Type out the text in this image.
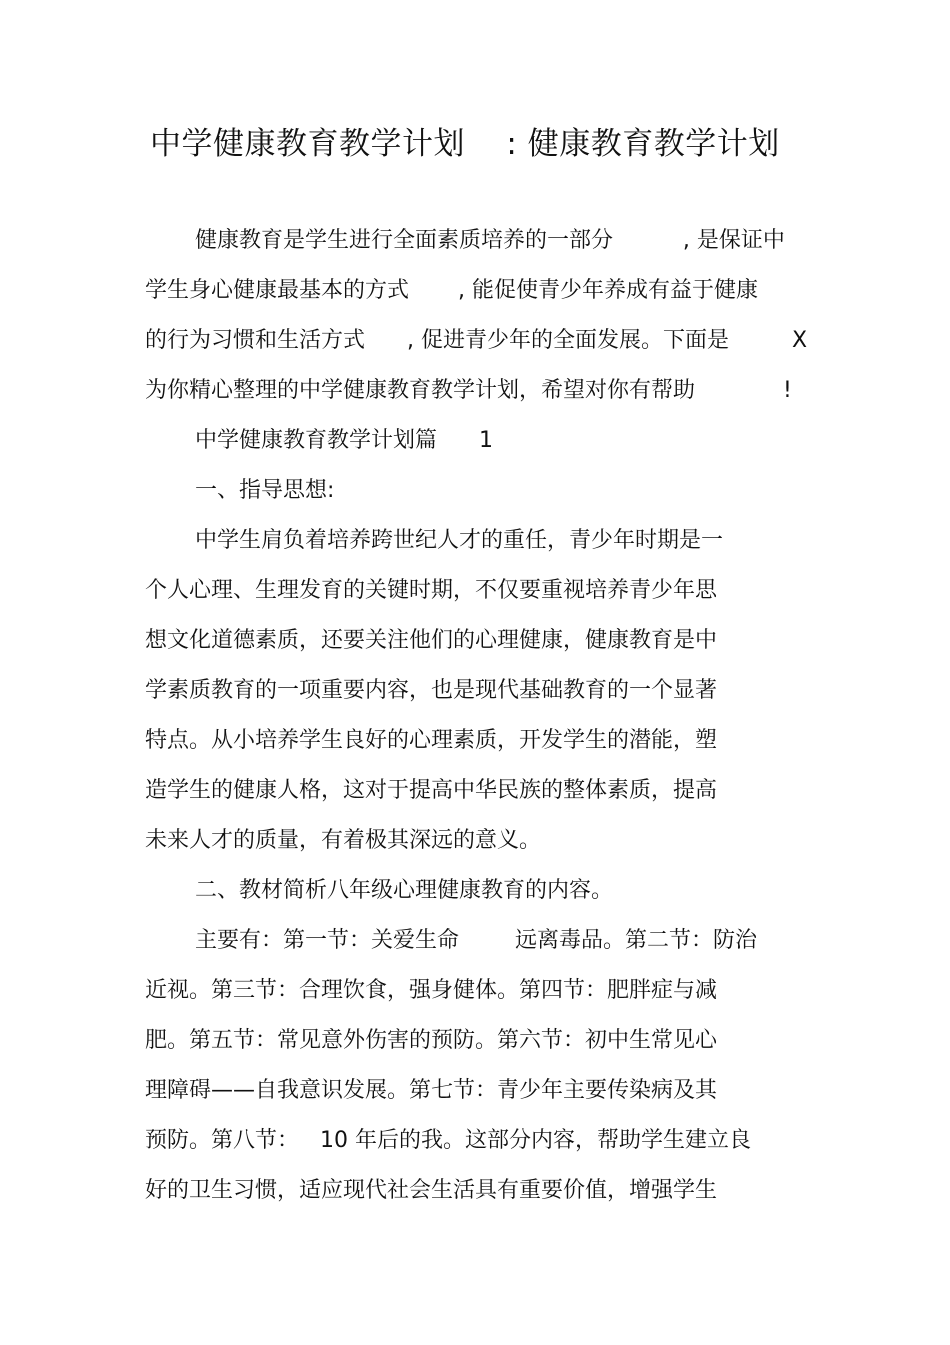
中学健康教育教学计划    : 健康教育教学计划
健康教育是学生进行全面素质培养的一部分          , 是保证中
学生身心健康最基本的方式       , 能促使青少年养成有益于健康
的行为习惯和生活方式      , 促进青少年的全面发展。下面是	X
为你精心整理的中学健康教育教学计划，希望对你有帮助	!
中学健康教育教学计划篇      1
一、指导思想:
中学生肩负着培养跨世纪人才的重任，青少年时期是一
个人心理、生理发育的关键时期，不仅要重视培养青少年思
想文化道德素质，还要关注他们的心理健康，健康教育是中
学素质教育的一项重要内容，也是现代基础教育的一个显著
特点。从小培养学生良好的心理素质，开发学生的潜能，塑
造学生的健康人格，这对于提高中华民族的整体素质，提高
未来人才的质量，有着极其深远的意义。
二、教材简析八年级心理健康教育的内容。
主要有：第一节：关爱生命        远离毒品。第二节：防治
近视。第三节：合理饮食，强身健体。第四节：肥胖症与减
肥。第五节：常见意外伤害的预防。第六节：初中生常见心
理障碍——自我意识发展。第七节：青少年主要传染病及其
预防。第八节：   10 年后的我。这部分内容，帮助学生建立良
好的卫生习惯，适应现代社会生活具有重要价值，增强学生
